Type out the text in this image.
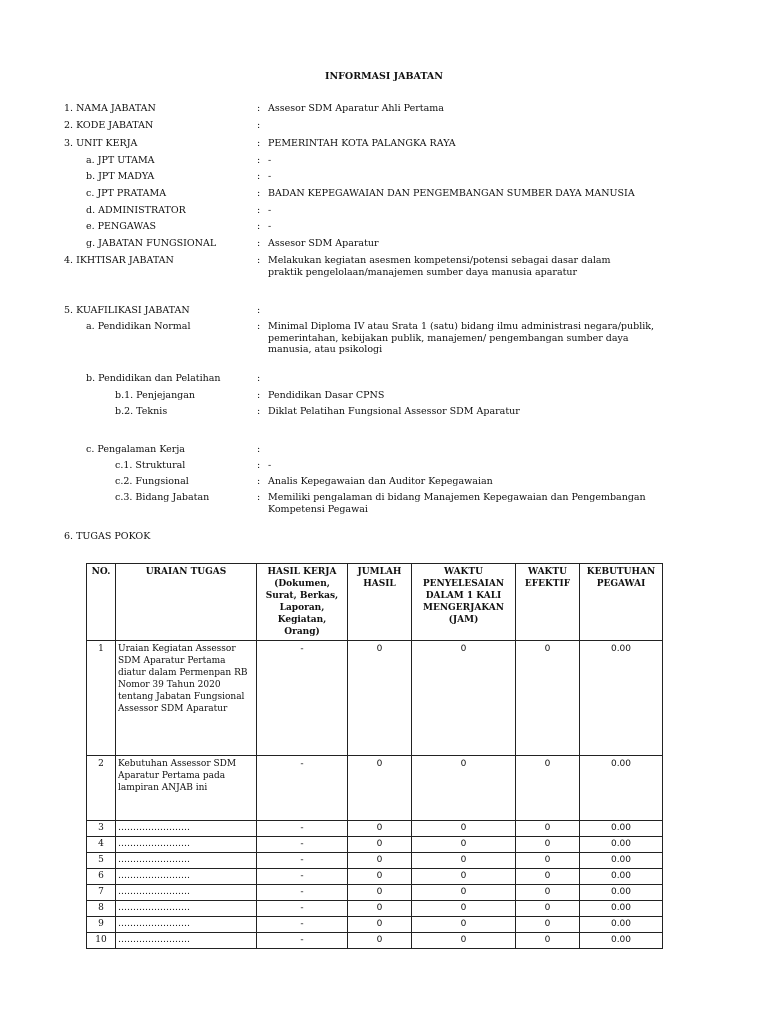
INFORMASI JABATAN
1. NAMA JABATAN	: Assesor SDM Aparatur Ahli Pertama
2. KODE JABATAN	:
3. UNIT KERJA	: PEMERINTAH KOTA PALANGKA RAYA
a. JPT UTAMA	: -
b. JPT MADYA	: -
c. JPT PRATAMA	: BADAN KEPEGAWAIAN DAN PENGEMBANGAN SUMBER DAYA MANUSIA
d. ADMINISTRATOR	: -
e. PENGAWAS	: -
g. JABATAN FUNGSIONAL	: Assesor SDM Aparatur
4. IKHTISAR JABATAN	: Melakukan kegiatan asesmen kompetensi/potensi sebagai dasar dalam praktik pengelolaan/manajemen sumber daya manusia aparatur
5. KUAFILIKASI JABATAN	:
a. Pendidikan Normal	: Minimal Diploma IV atau Srata 1 (satu) bidang ilmu administrasi negara/publik, pemerintahan, kebijakan publik, manajemen/ pengembangan sumber daya manusia, atau psikologi
b. Pendidikan dan Pelatihan	:
b.1. Penjejangan	: Pendidikan Dasar CPNS
b.2. Teknis	: Diklat Pelatihan Fungsional Assessor SDM Aparatur
c. Pengalaman Kerja	:
c.1. Struktural	: -
c.2. Fungsional	: Analis Kepegawaian dan Auditor Kepegawaian
c.3. Bidang Jabatan	: Memiliki pengalaman di bidang Manajemen Kepegawaian dan Pengembangan Kompetensi Pegawai
6. TUGAS POKOK
NO.	URAIAN TUGAS	HASIL KERJA (Dokumen, Surat, Berkas, Laporan, Kegiatan, Orang)	JUMLAH HASIL	WAKTU PENYELESAIAN DALAM 1 KALI MENGERJAKAN (JAM)	WAKTU EFEKTIF	KEBUTUHAN PEGAWAI
1	Uraian Kegiatan Assessor SDM Aparatur Pertama diatur dalam Permenpan RB Nomor 39 Tahun 2020 tentang Jabatan Fungsional Assessor SDM Aparatur	-	0	0	0	0.00
2	Kebutuhan Assessor SDM Aparatur Pertama pada lampiran ANJAB ini	-	0	0	0	0.00
3	……………………	-	0	0	0	0.00
4	……………………	-	0	0	0	0.00
5	……………………	-	0	0	0	0.00
6	……………………	-	0	0	0	0.00
7	……………………	-	0	0	0	0.00
8	……………………	-	0	0	0	0.00
9	……………………	-	0	0	0	0.00
10	……………………	-	0	0	0	0.00
